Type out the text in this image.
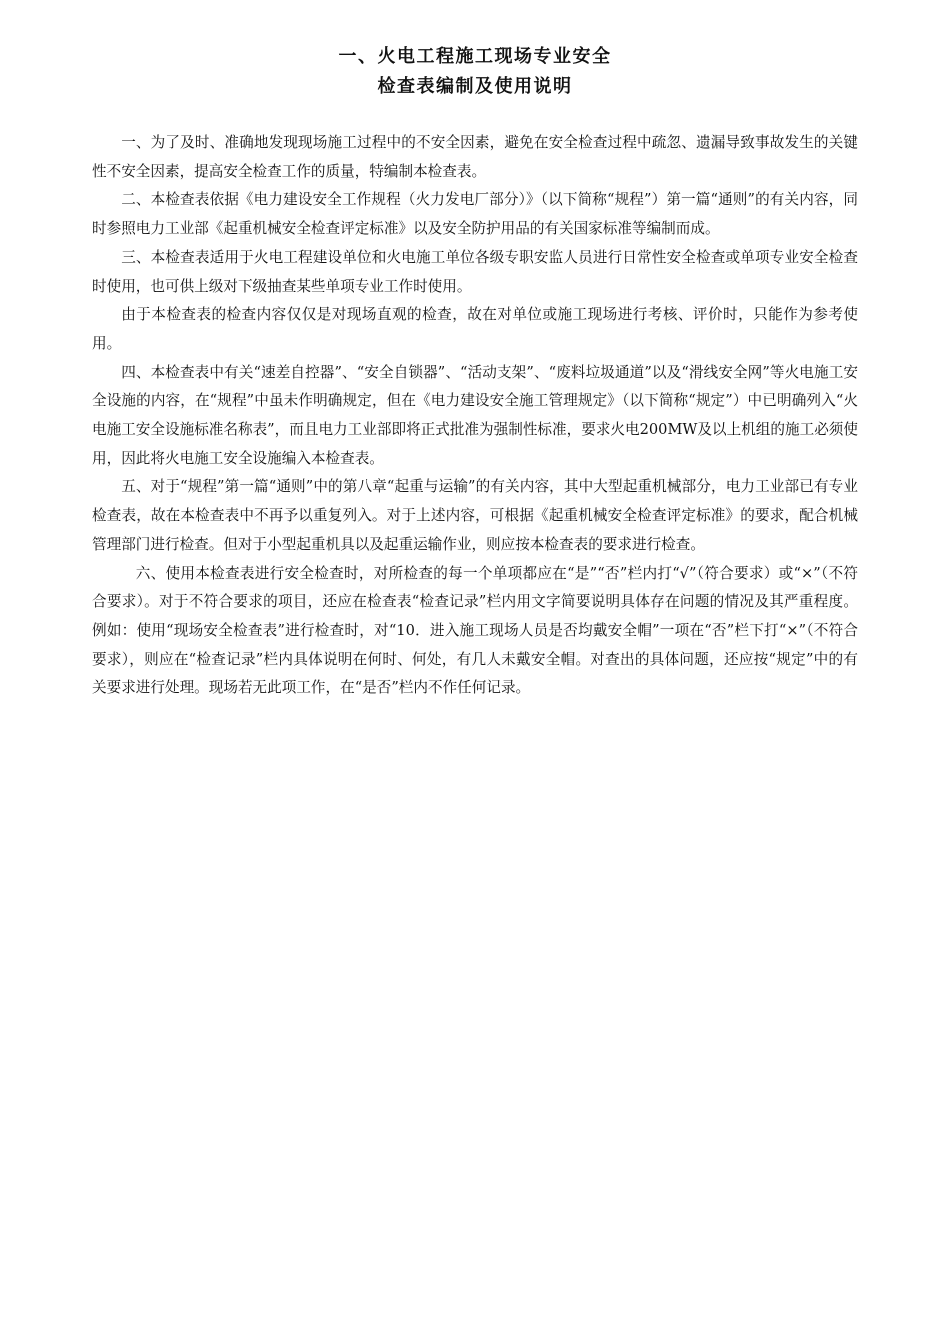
一、火电工程施工现场专业安全
检查表编制及使用说明

一、为了及时、准确地发现现场施工过程中的不安全因素，避免在安全检查过程中疏忽、遗漏导致事故发生的关键性不安全因素，提高安全检查工作的质量，特编制本检查表。

二、本检查表依据《电力建设安全工作规程（火力发电厂部分）》（以下简称“规程”）第一篇“通则”的有关内容，同时参照电力工业部《起重机械安全检查评定标准》以及安全防护用品的有关国家标准等编制而成。

三、本检查表适用于火电工程建设单位和火电施工单位各级专职安监人员进行日常性安全检查或单项专业安全检查时使用，也可供上级对下级抽查某些单项专业工作时使用。

由于本检查表的检查内容仅仅是对现场直观的检查，故在对单位或施工现场进行考核、评价时，只能作为参考使用。

四、本检查表中有关“速差自控器”、“安全自锁器”、“活动支架”、“废料垃圾通道”以及“滑线安全网”等火电施工安全设施的内容，在“规程”中虽未作明确规定，但在《电力建设安全施工管理规定》（以下简称“规定”）中已明确列入“火电施工安全设施标准名称表”，而且电力工业部即将正式批准为强制性标准，要求火电200MW及以上机组的施工必须使用，因此将火电施工安全设施编入本检查表。

五、对于“规程”第一篇“通则”中的第八章“起重与运输”的有关内容，其中大型起重机械部分，电力工业部已有专业检查表，故在本检查表中不再予以重复列入。对于上述内容，可根据《起重机械安全检查评定标准》的要求，配合机械管理部门进行检查。但对于小型起重机具以及起重运输作业，则应按本检查表的要求进行检查。

六、使用本检查表进行安全检查时，对所检查的每一个单项都应在“是”“否”栏内打“√”（符合要求）或“×”（不符合要求）。对于不符合要求的项目，还应在检查表“检查记录”栏内用文字简要说明具体存在问题的情况及其严重程度。例如：使用“现场安全检查表”进行检查时，对“10．进入施工现场人员是否均戴安全帽”一项在“否”栏下打“×”（不符合要求），则应在“检查记录”栏内具体说明在何时、何处，有几人未戴安全帽。对查出的具体问题，还应按“规定”中的有关要求进行处理。现场若无此项工作，在“是否”栏内不作任何记录。
